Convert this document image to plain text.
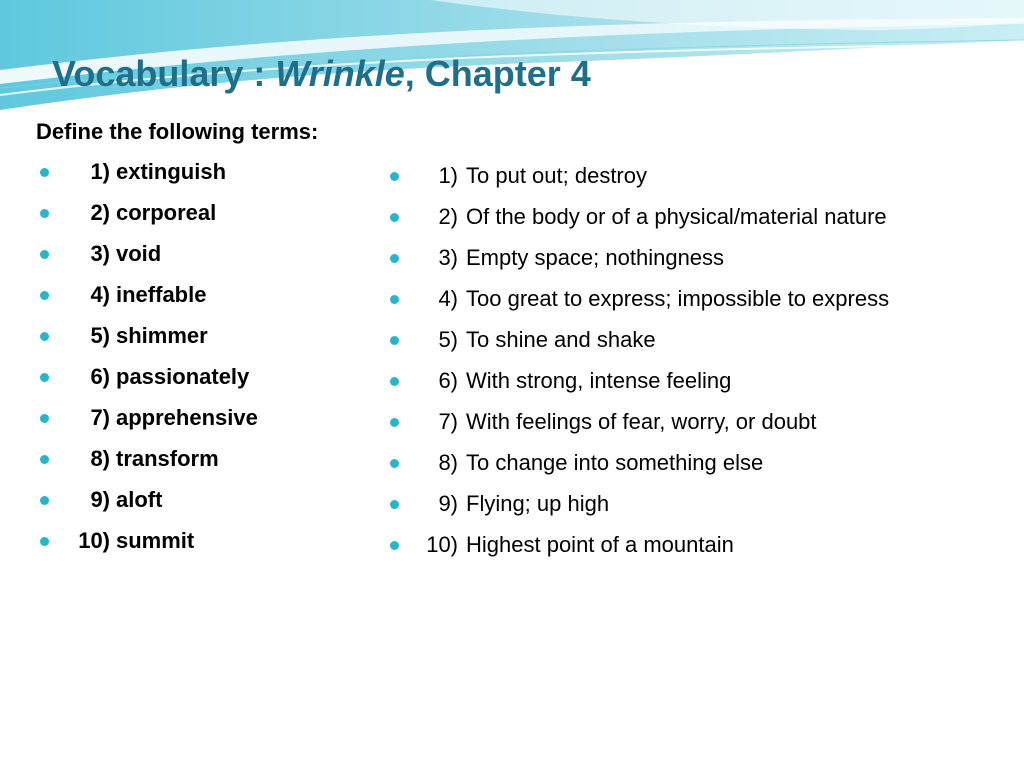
Vocabulary : Wrinkle, Chapter 4

Define the following terms:

1) extinguish
2) corporeal
3) void
4) ineffable
5) shimmer
6) passionately
7) apprehensive
8) transform
9) aloft
10) summit
1) To put out; destroy
2) Of the body or of a physical/material nature
3) Empty space; nothingness
4) Too great to express; impossible to express
5) To shine and shake
6) With strong, intense feeling
7) With feelings of fear, worry, or doubt
8) To change into something else
9) Flying; up high
10) Highest point of a mountain
